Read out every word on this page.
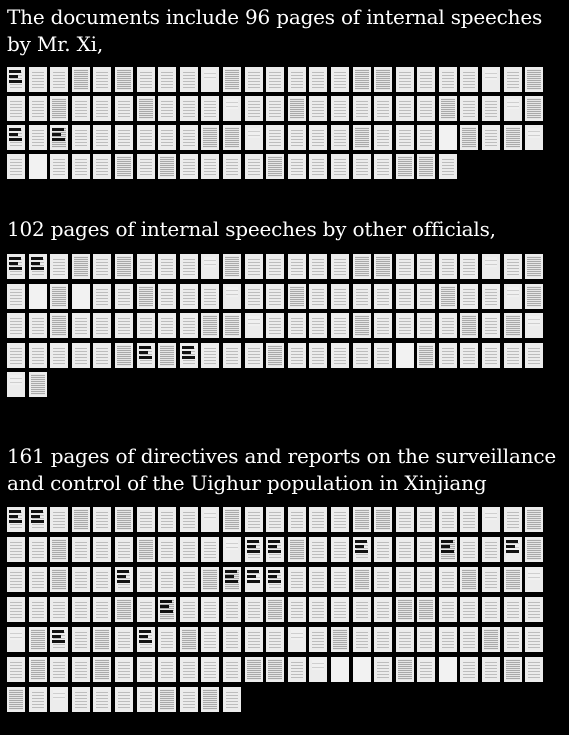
The documents include 96 pages of internal speeches by Mr. Xi,

102 pages of internal speeches by other officials,

161 pages of directives and reports on the surveillance and control of the Uighur population in Xinjiang
